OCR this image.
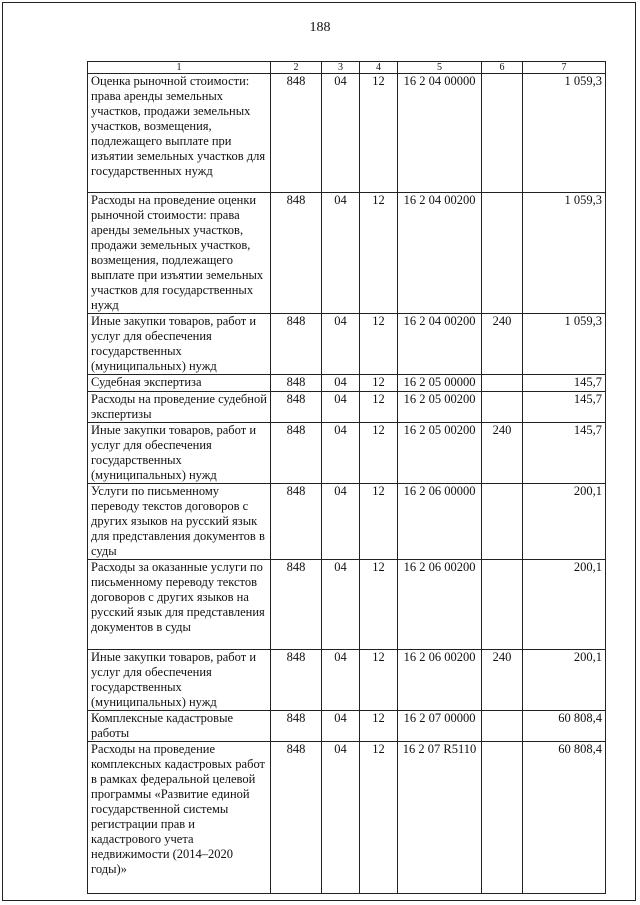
188
1	2	3	4	5	6	7
Оценка рыночной стоимости: права аренды земельных участков, продажи земельных участков, возмещения, подлежащего выплате при изъятии земельных участков для государственных нужд	848	04	12	16 2 04 00000		1 059,3
Расходы на проведение оценки рыночной стоимости: права аренды земельных участков, продажи земельных участков, возмещения, подлежащего выплате при изъятии земельных участков для государственных нужд	848	04	12	16 2 04 00200		1 059,3
Иные закупки товаров, работ и услуг для обеспечения государственных (муниципальных) нужд	848	04	12	16 2 04 00200	240	1 059,3
Судебная экспертиза	848	04	12	16 2 05 00000		145,7
Расходы на проведение судебной экспертизы	848	04	12	16 2 05 00200		145,7
Иные закупки товаров, работ и услуг для обеспечения государственных (муниципальных) нужд	848	04	12	16 2 05 00200	240	145,7
Услуги по письменному переводу текстов договоров с других языков на русский язык для представления документов в суды	848	04	12	16 2 06 00000		200,1
Расходы за оказанные услуги по письменному переводу текстов договоров с других языков на русский язык для представления документов в суды	848	04	12	16 2 06 00200		200,1
Иные закупки товаров, работ и услуг для обеспечения государственных (муниципальных) нужд	848	04	12	16 2 06 00200	240	200,1
Комплексные кадастровые работы	848	04	12	16 2 07 00000		60 808,4
Расходы на проведение комплексных кадастровых работ в рамках федеральной целевой программы «Развитие единой государственной системы регистрации прав и кадастрового учета недвижимости (2014–2020 годы)»	848	04	12	16 2 07 R5110		60 808,4
